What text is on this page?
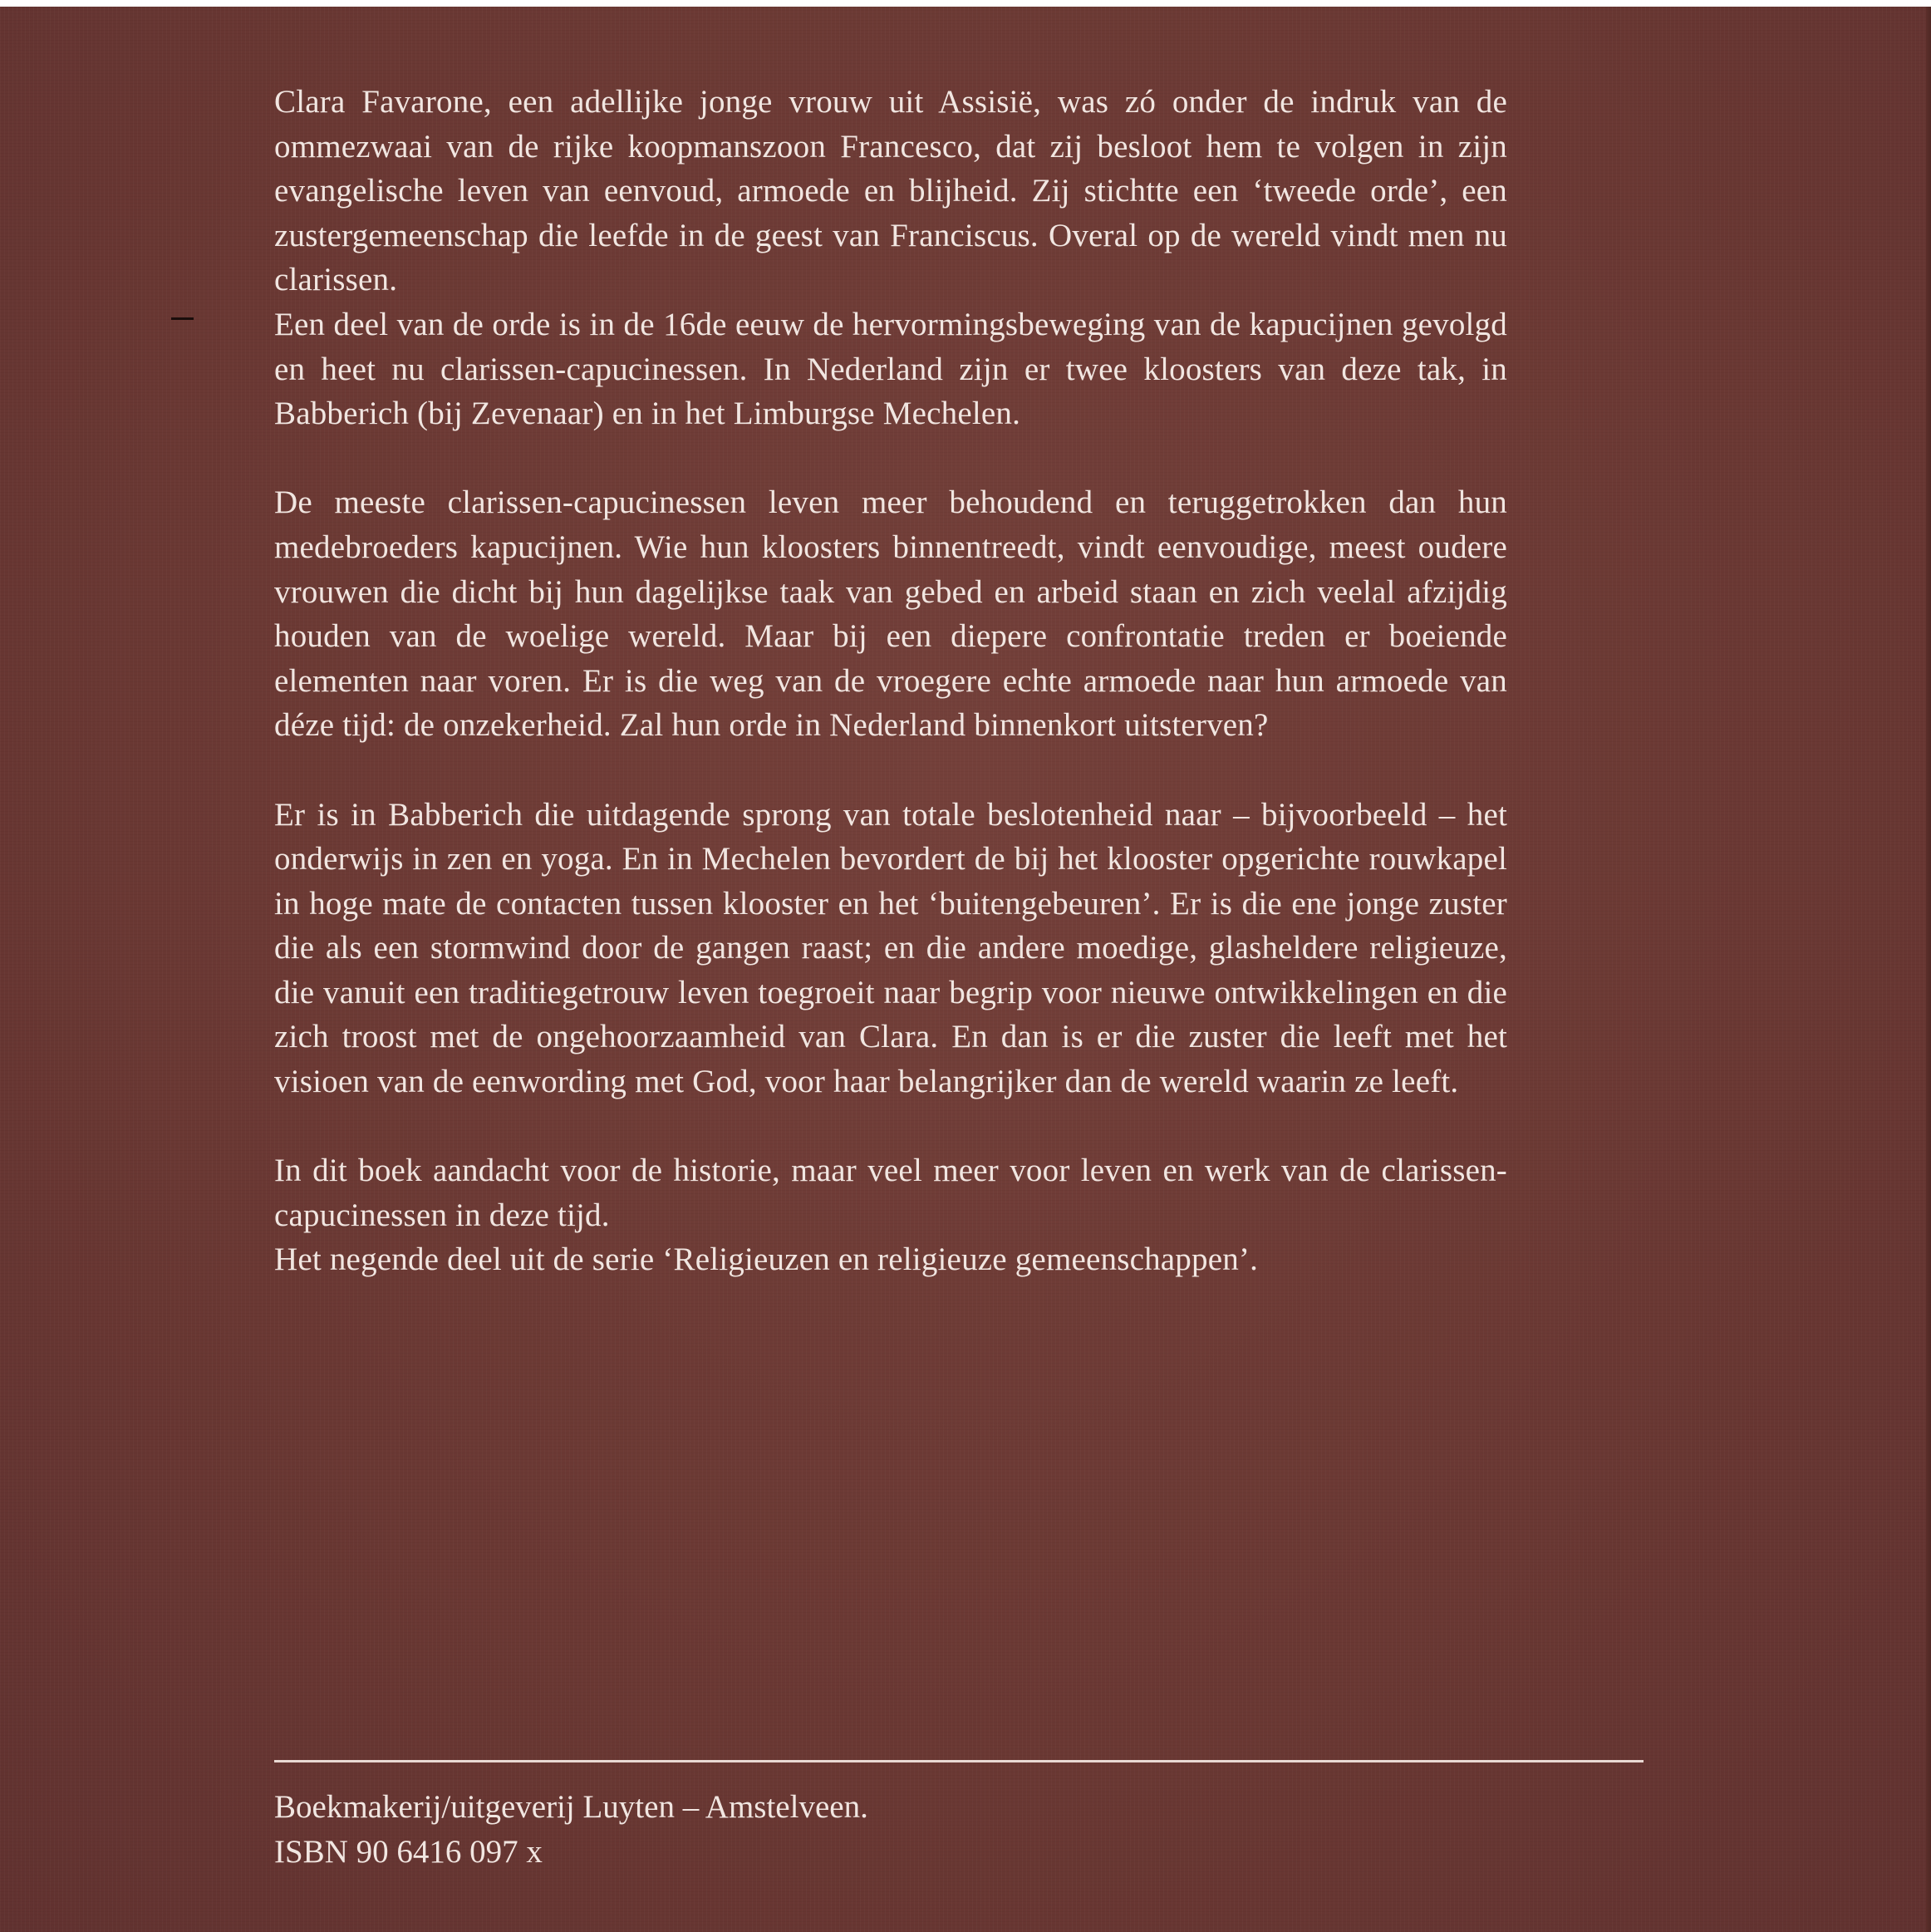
Clara Favarone, een adellijke jonge vrouw uit Assisië, was zó onder de indruk van de ommezwaai van de rijke koopmanszoon Francesco, dat zij besloot hem te volgen in zijn evangelische leven van eenvoud, armoede en blijheid. Zij stichtte een ‘tweede orde’, een zustergemeenschap die leefde in de geest van Franciscus. Overal op de wereld vindt men nu clarissen.

Een deel van de orde is in de 16de eeuw de hervormingsbeweging van de kapucijnen gevolgd en heet nu clarissen-capucinessen. In Nederland zijn er twee kloosters van deze tak, in Babberich (bij Zevenaar) en in het Limburgse Mechelen.

De meeste clarissen-capucinessen leven meer behoudend en teruggetrokken dan hun medebroeders kapucijnen. Wie hun kloosters binnentreedt, vindt eenvoudige, meest oudere vrouwen die dicht bij hun dagelijkse taak van gebed en arbeid staan en zich veelal afzijdig houden van de woelige wereld. Maar bij een diepere confrontatie treden er boeiende elementen naar voren. Er is die weg van de vroegere echte armoede naar hun armoede van déze tijd: de onzekerheid. Zal hun orde in Nederland binnenkort uitsterven?

Er is in Babberich die uitdagende sprong van totale beslotenheid naar – bijvoorbeeld – het onderwijs in zen en yoga. En in Mechelen bevordert de bij het klooster opgerichte rouwkapel in hoge mate de contacten tussen klooster en het ‘buitengebeuren’. Er is die ene jonge zuster die als een stormwind door de gangen raast; en die andere moedige, glasheldere religieuze, die vanuit een traditiegetrouw leven toegroeit naar begrip voor nieuwe ontwikkelingen en die zich troost met de ongehoorzaamheid van Clara. En dan is er die zuster die leeft met het visioen van de eenwording met God, voor haar belangrijker dan de wereld waarin ze leeft.

In dit boek aandacht voor de historie, maar veel meer voor leven en werk van de clarissen-capucinessen in deze tijd.

Het negende deel uit de serie ‘Religieuzen en religieuze gemeenschappen’.

Boekmakerij/uitgeverij Luyten – Amstelveen.
ISBN 90 6416 097 x
